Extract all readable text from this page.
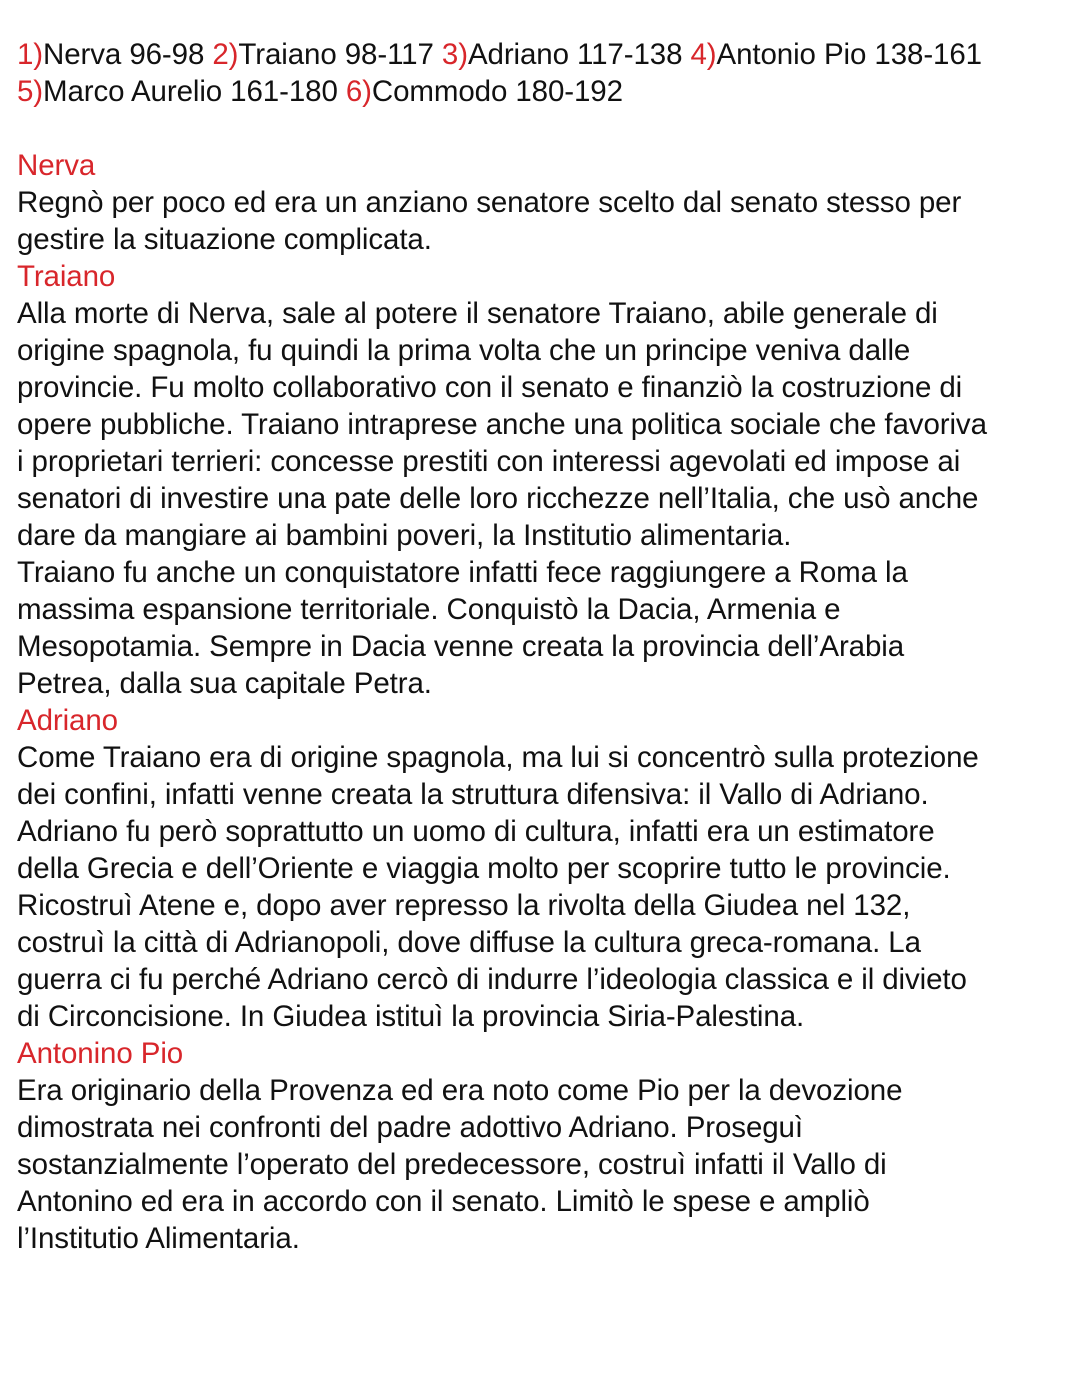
1)Nerva 96-98 2)Traiano 98-117 3)Adriano 117-138 4)Antonio Pio 138-161
5)Marco Aurelio 161-180 6)Commodo 180-192
Nerva
Regnò per poco ed era un anziano senatore scelto dal senato stesso per
gestire la situazione complicata.
Traiano
Alla morte di Nerva, sale al potere il senatore Traiano, abile generale di
origine spagnola, fu quindi la prima volta che un principe veniva dalle
provincie. Fu molto collaborativo con il senato e finanziò la costruzione di
opere pubbliche. Traiano intraprese anche una politica sociale che favoriva
i proprietari terrieri: concesse prestiti con interessi agevolati ed impose ai
senatori di investire una pate delle loro ricchezze nell’Italia, che usò anche
dare da mangiare ai bambini poveri, la Institutio alimentaria.
Traiano fu anche un conquistatore infatti fece raggiungere a Roma la
massima espansione territoriale. Conquistò la Dacia, Armenia e
Mesopotamia. Sempre in Dacia venne creata la provincia dell’Arabia
Petrea, dalla sua capitale Petra.
Adriano
Come Traiano era di origine spagnola, ma lui si concentrò sulla protezione
dei confini, infatti venne creata la struttura difensiva: il Vallo di Adriano.
Adriano fu però soprattutto un uomo di cultura, infatti era un estimatore
della Grecia e dell’Oriente e viaggia molto per scoprire tutto le provincie.
Ricostruì Atene e, dopo aver represso la rivolta della Giudea nel 132,
costruì la città di Adrianopoli, dove diffuse la cultura greca-romana. La
guerra ci fu perché Adriano cercò di indurre l’ideologia classica e il divieto
di Circoncisione. In Giudea istituì la provincia Siria-Palestina.
Antonino Pio
Era originario della Provenza ed era noto come Pio per la devozione
dimostrata nei confronti del padre adottivo Adriano. Proseguì
sostanzialmente l’operato del predecessore, costruì infatti il Vallo di
Antonino ed era in accordo con il senato. Limitò le spese e ampliò
l’Institutio Alimentaria.
